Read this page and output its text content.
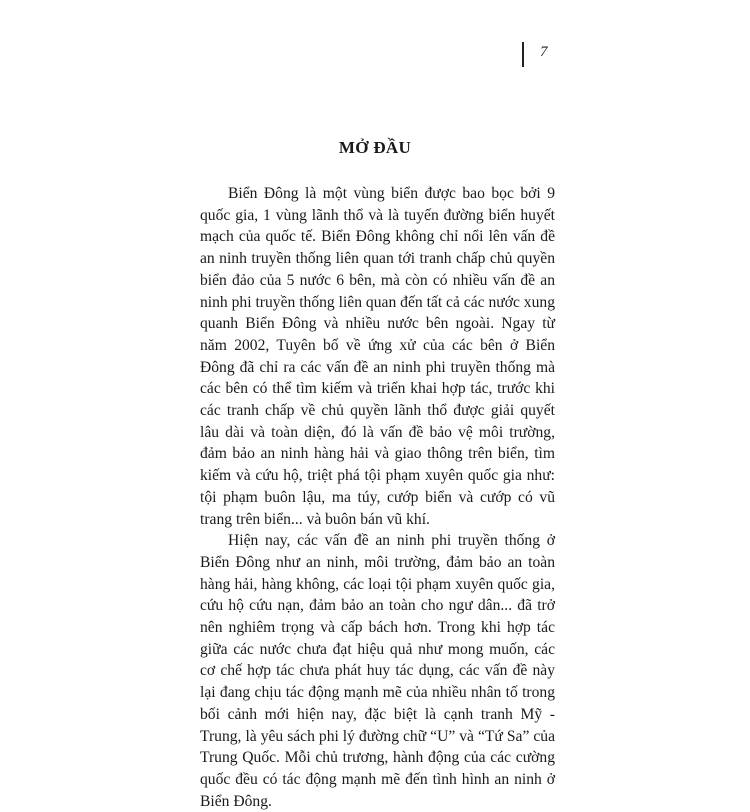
7
MỞ ĐẦU

Biển Đông là một vùng biển được bao bọc bởi 9 quốc gia, 1 vùng lãnh thổ và là tuyến đường biển huyết mạch của quốc tế. Biển Đông không chỉ nổi lên vấn đề an ninh truyền thống liên quan tới tranh chấp chủ quyền biển đảo của 5 nước 6 bên, mà còn có nhiều vấn đề an ninh phi truyền thống liên quan đến tất cả các nước xung quanh Biển Đông và nhiều nước bên ngoài. Ngay từ năm 2002, Tuyên bố về ứng xử của các bên ở Biển Đông đã chỉ ra các vấn đề an ninh phi truyền thống mà các bên có thể tìm kiếm và triển khai hợp tác, trước khi các tranh chấp về chủ quyền lãnh thổ được giải quyết lâu dài và toàn diện, đó là vấn đề bảo vệ môi trường, đảm bảo an ninh hàng hải và giao thông trên biển, tìm kiếm và cứu hộ, triệt phá tội phạm xuyên quốc gia như: tội phạm buôn lậu, ma túy, cướp biển và cướp có vũ trang trên biển... và buôn bán vũ khí.

Hiện nay, các vấn đề an ninh phi truyền thống ở Biển Đông như an ninh, môi trường, đảm bảo an toàn hàng hải, hàng không, các loại tội phạm xuyên quốc gia, cứu hộ cứu nạn, đảm bảo an toàn cho ngư dân... đã trở nên nghiêm trọng và cấp bách hơn. Trong khi hợp tác giữa các nước chưa đạt hiệu quả như mong muốn, các cơ chế hợp tác chưa phát huy tác dụng, các vấn đề này lại đang chịu tác động mạnh mẽ của nhiều nhân tố trong bối cảnh mới hiện nay, đặc biệt là cạnh tranh Mỹ - Trung, là yêu sách phi lý đường chữ “U” và “Tứ Sa” của Trung Quốc. Mỗi chủ trương, hành động của các cường quốc đều có tác động mạnh mẽ đến tình hình an ninh ở Biển Đông.
